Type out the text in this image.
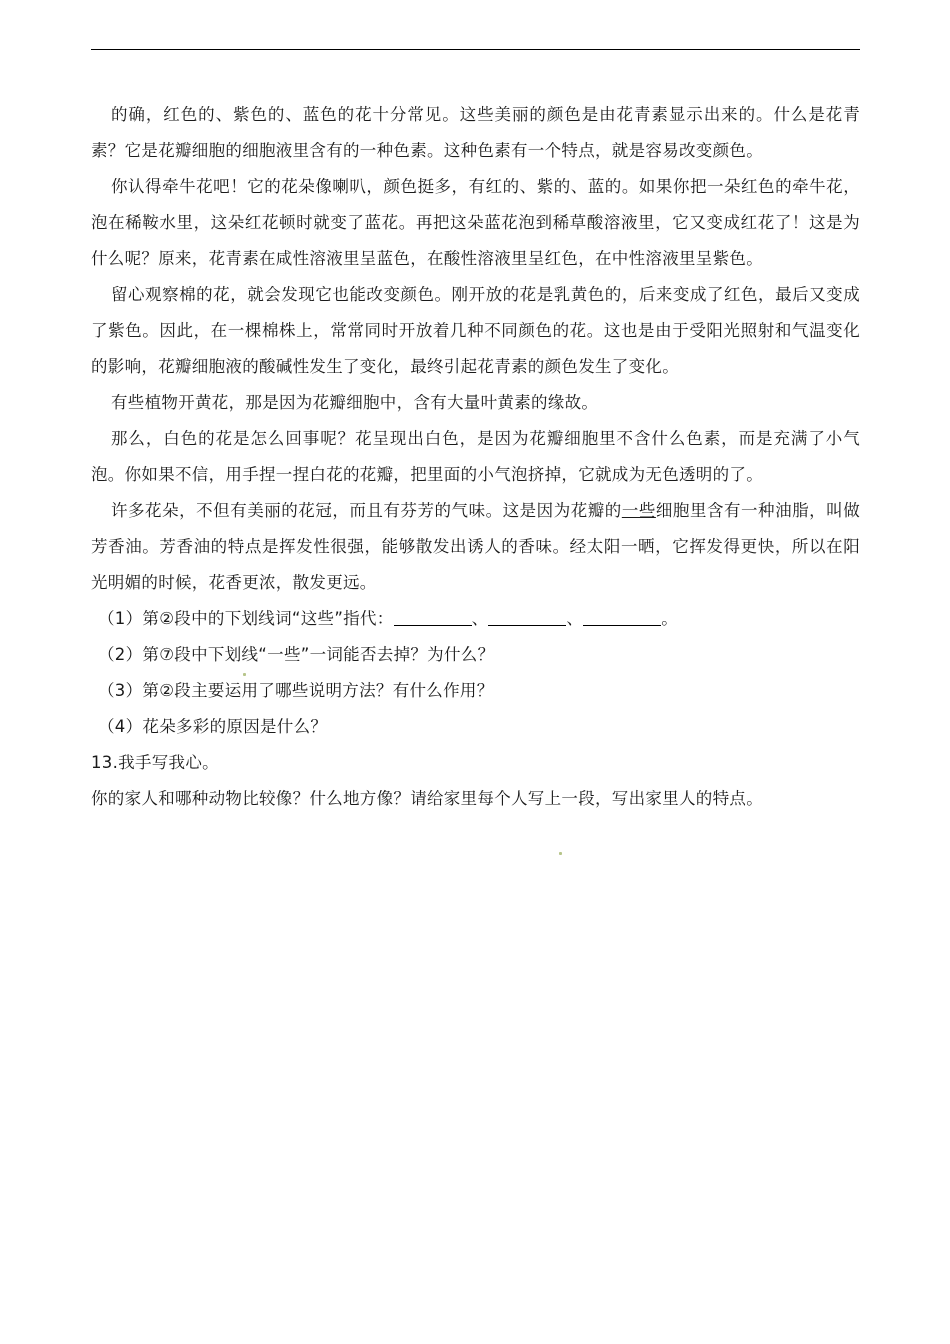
的确，红色的、紫色的、蓝色的花十分常见。这些美丽的颜色是由花青素显示出来的。什么是花青素？它是花瓣细胞的细胞液里含有的一种色素。这种色素有一个特点，就是容易改变颜色。

你认得牵牛花吧！它的花朵像喇叭，颜色挺多，有红的、紫的、蓝的。如果你把一朵红色的牵牛花，泡在稀鞍水里，这朵红花顿时就变了蓝花。再把这朵蓝花泡到稀草酸溶液里，它又变成红花了！这是为什么呢？原来，花青素在咸性溶液里呈蓝色，在酸性溶液里呈红色，在中性溶液里呈紫色。

留心观察棉的花，就会发现它也能改变颜色。刚开放的花是乳黄色的，后来变成了红色，最后又变成了紫色。因此，在一棵棉株上，常常同时开放着几种不同颜色的花。这也是由于受阳光照射和气温变化的影响，花瓣细胞液的酸碱性发生了变化，最终引起花青素的颜色发生了变化。

有些植物开黄花，那是因为花瓣细胞中，含有大量叶黄素的缘故。

那么，白色的花是怎么回事呢？花呈现出白色，是因为花瓣细胞里不含什么色素，而是充满了小气泡。你如果不信，用手捏一捏白花的花瓣，把里面的小气泡挤掉，它就成为无色透明的了。

许多花朵，不但有美丽的花冠，而且有芬芳的气味。这是因为花瓣的一些细胞里含有一种油脂，叫做芳香油。芳香油的特点是挥发性很强，能够散发出诱人的香味。经太阳一晒，它挥发得更快，所以在阳光明媚的时候，花香更浓，散发更远。

（1）第②段中的下划线词“这些”指代：	、	、	。

（2）第⑦段中下划线“一些”一词能否去掉？为什么？

（3）第②段主要运用了哪些说明方法？有什么作用？

（4）花朵多彩的原因是什么？

13.我手写我心。

你的家人和哪种动物比较像？什么地方像？请给家里每个人写上一段，写出家里人的特点。
